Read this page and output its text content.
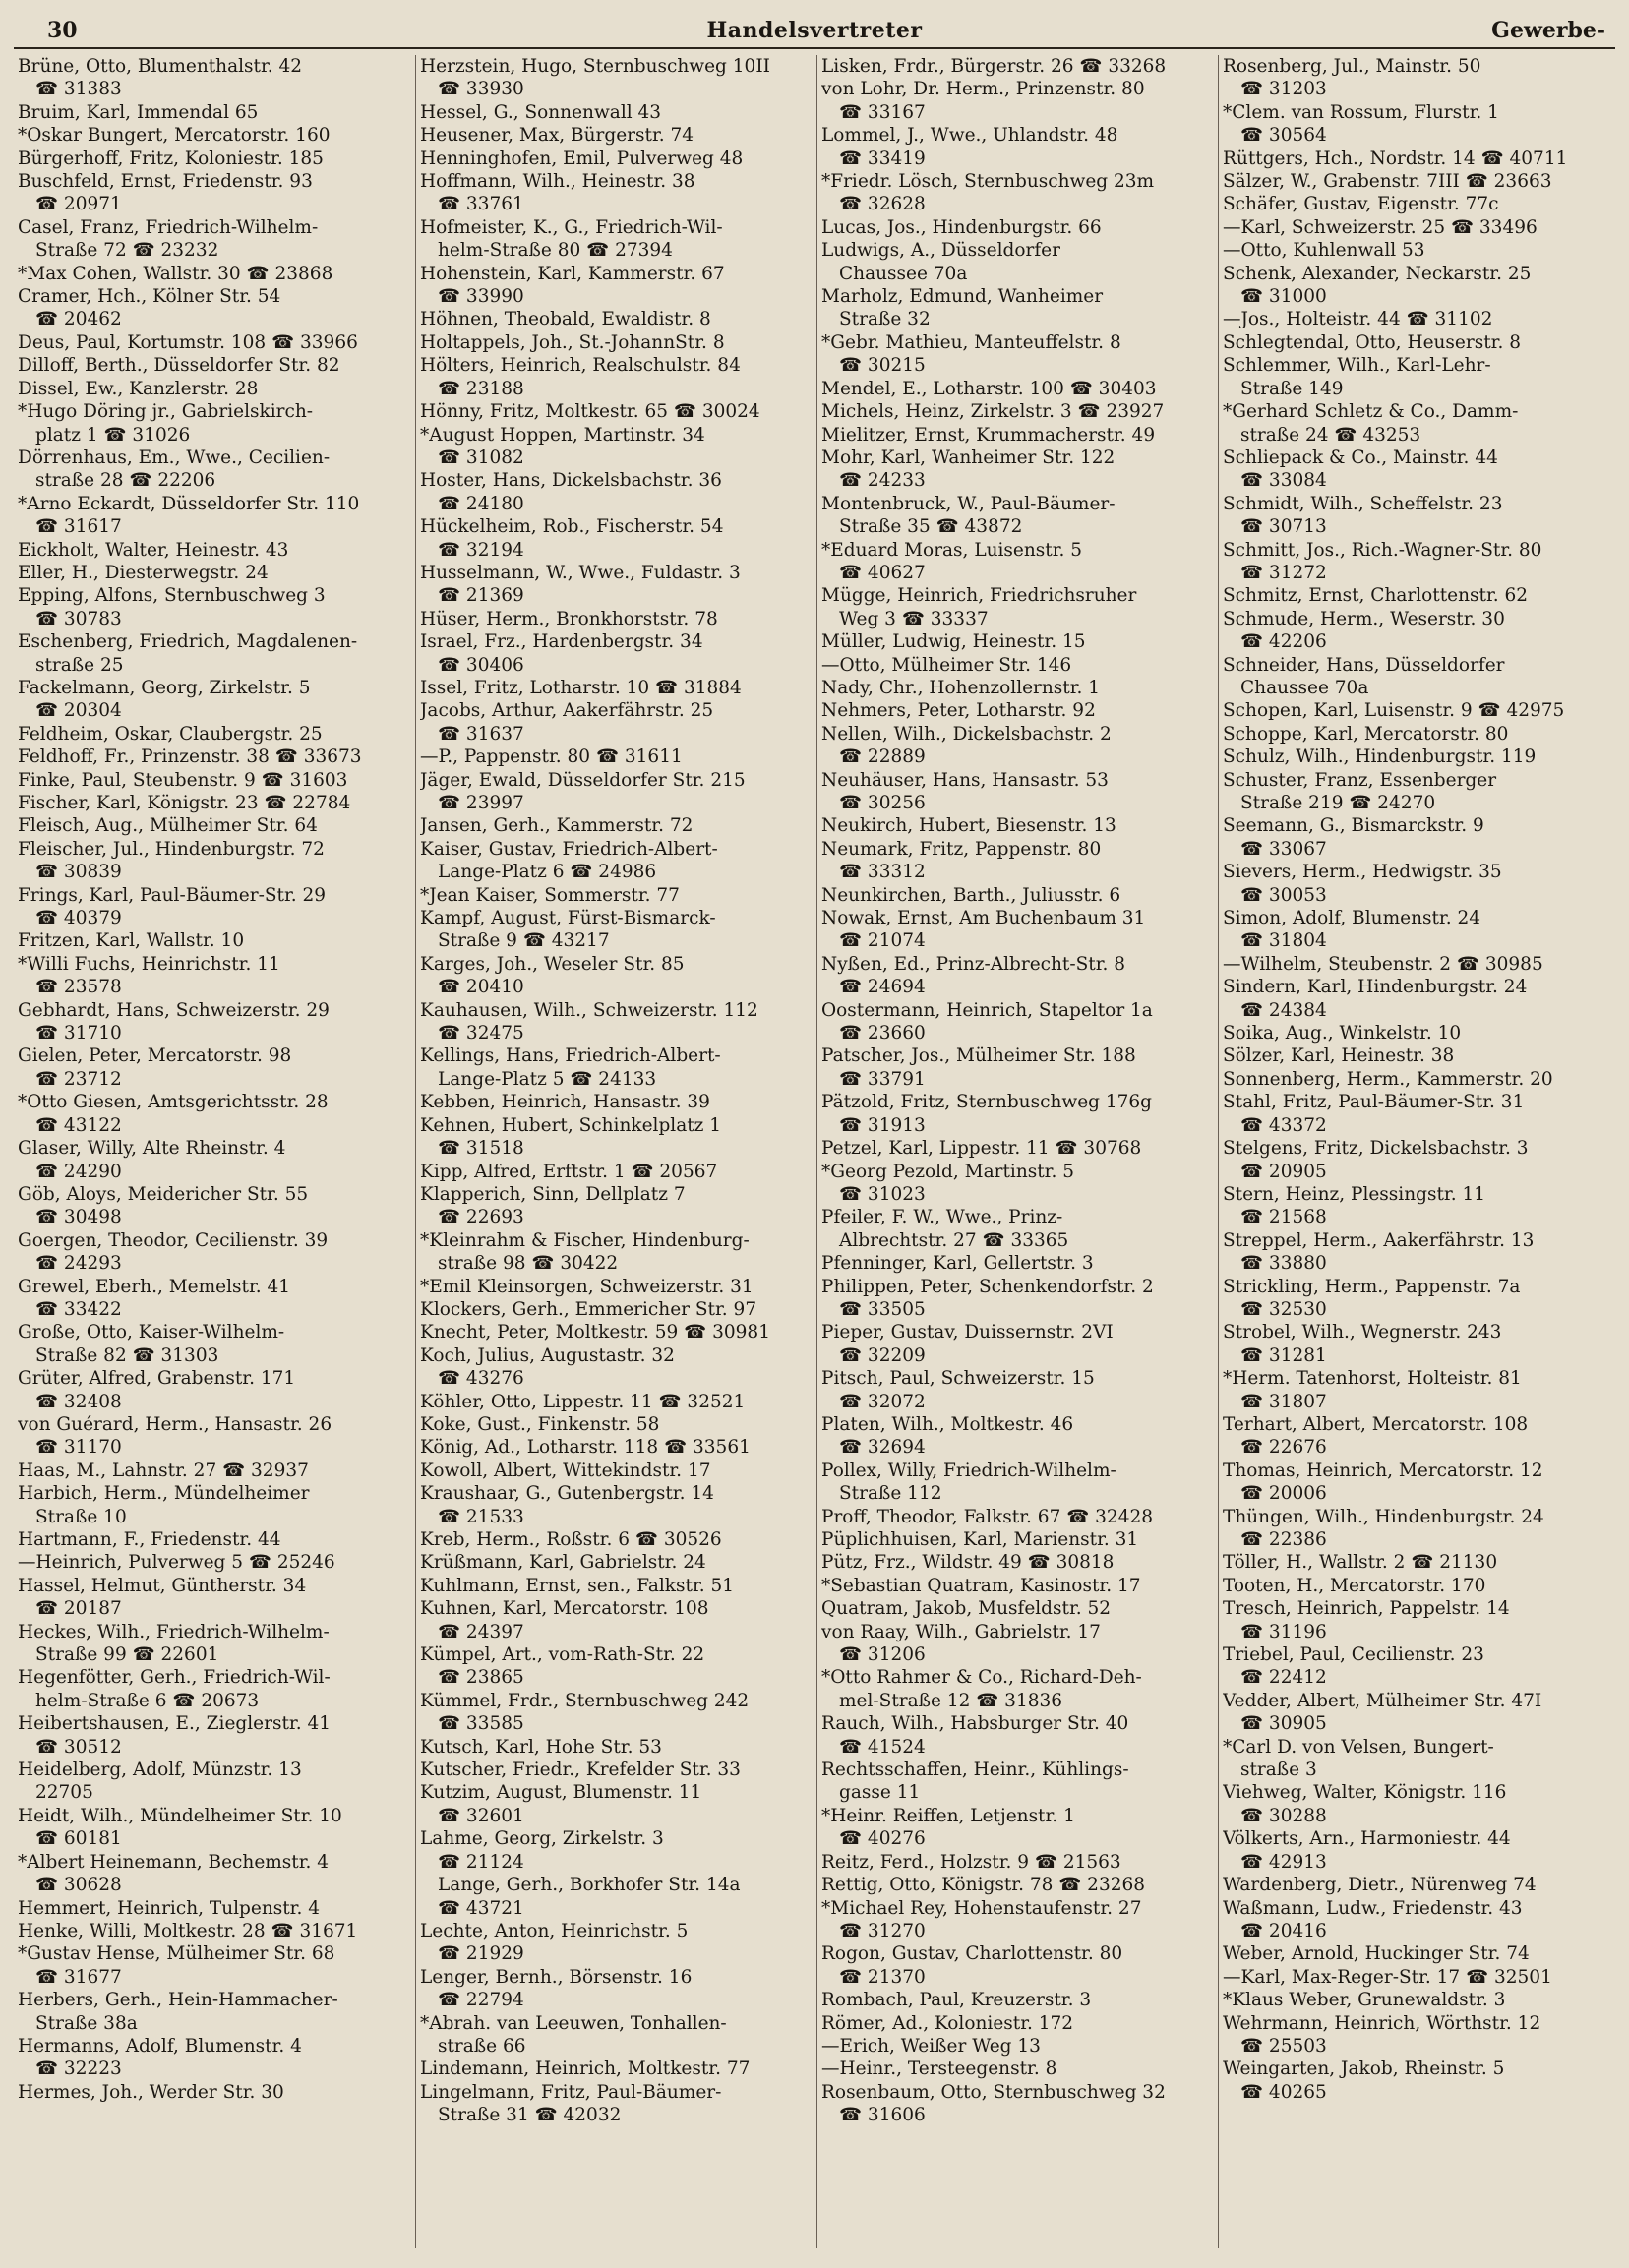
30	Handelsvertreter	Gewerbe-
Brüne, Otto, Blumenthalstr. 42
☎ 31383
Bruim, Karl, Immendal 65
*Oskar Bungert, Mercatorstr. 160
Bürgerhoff, Fritz, Koloniestr. 185
Buschfeld, Ernst, Friedenstr. 93
☎ 20971
Casel, Franz, Friedrich-Wilhelm-
Straße 72 ☎ 23232
*Max Cohen, Wallstr. 30 ☎ 23868
Cramer, Hch., Kölner Str. 54
☎ 20462
Deus, Paul, Kortumstr. 108 ☎ 33966
Dilloff, Berth., Düsseldorfer Str. 82
Dissel, Ew., Kanzlerstr. 28
*Hugo Döring jr., Gabrielskirch-
platz 1 ☎ 31026
Dörrenhaus, Em., Wwe., Cecilien-
straße 28 ☎ 22206
*Arno Eckardt, Düsseldorfer Str. 110
☎ 31617
Eickholt, Walter, Heinestr. 43
Eller, H., Diesterwegstr. 24
Epping, Alfons, Sternbuschweg 3
☎ 30783
Eschenberg, Friedrich, Magdalenen-
straße 25
Fackelmann, Georg, Zirkelstr. 5
☎ 20304
Feldheim, Oskar, Claubergstr. 25
Feldhoff, Fr., Prinzenstr. 38 ☎ 33673
Finke, Paul, Steubenstr. 9 ☎ 31603
Fischer, Karl, Königstr. 23 ☎ 22784
Fleisch, Aug., Mülheimer Str. 64
Fleischer, Jul., Hindenburgstr. 72
☎ 30839
Frings, Karl, Paul-Bäumer-Str. 29
☎ 40379
Fritzen, Karl, Wallstr. 10
*Willi Fuchs, Heinrichstr. 11
☎ 23578
Gebhardt, Hans, Schweizerstr. 29
☎ 31710
Gielen, Peter, Mercatorstr. 98
☎ 23712
*Otto Giesen, Amtsgerichtsstr. 28
☎ 43122
Glaser, Willy, Alte Rheinstr. 4
☎ 24290
Göb, Aloys, Meidericher Str. 55
☎ 30498
Goergen, Theodor, Cecilienstr. 39
☎ 24293
Grewel, Eberh., Memelstr. 41
☎ 33422
Große, Otto, Kaiser-Wilhelm-
Straße 82 ☎ 31303
Grüter, Alfred, Grabenstr. 171
☎ 32408
von Guérard, Herm., Hansastr. 26
☎ 31170
Haas, M., Lahnstr. 27 ☎ 32937
Harbich, Herm., Mündelheimer
Straße 10
Hartmann, F., Friedenstr. 44
—Heinrich, Pulverweg 5 ☎ 25246
Hassel, Helmut, Güntherstr. 34
☎ 20187
Heckes, Wilh., Friedrich-Wilhelm-
Straße 99 ☎ 22601
Hegenfötter, Gerh., Friedrich-Wil-
helm-Straße 6 ☎ 20673
Heibertshausen, E., Zieglerstr. 41
☎ 30512
Heidelberg, Adolf, Münzstr. 13
22705
Heidt, Wilh., Mündelheimer Str. 10
☎ 60181
*Albert Heinemann, Bechemstr. 4
☎ 30628
Hemmert, Heinrich, Tulpenstr. 4
Henke, Willi, Moltkestr. 28 ☎ 31671
*Gustav Hense, Mülheimer Str. 68
☎ 31677
Herbers, Gerh., Hein-Hammacher-
Straße 38a
Hermanns, Adolf, Blumenstr. 4
☎ 32223
Hermes, Joh., Werder Str. 30
Herzstein, Hugo, Sternbuschweg 10II
☎ 33930
Hessel, G., Sonnenwall 43
Heusener, Max, Bürgerstr. 74
Henninghofen, Emil, Pulverweg 48
Hoffmann, Wilh., Heinestr. 38
☎ 33761
Hofmeister, K., G., Friedrich-Wil-
helm-Straße 80 ☎ 27394
Hohenstein, Karl, Kammerstr. 67
☎ 33990
Höhnen, Theobald, Ewaldistr. 8
Holtappels, Joh., St.-JohannStr. 8
Hölters, Heinrich, Realschulstr. 84
☎ 23188
Hönny, Fritz, Moltkestr. 65 ☎ 30024
*August Hoppen, Martinstr. 34
☎ 31082
Hoster, Hans, Dickelsbachstr. 36
☎ 24180
Hückelheim, Rob., Fischerstr. 54
☎ 32194
Husselmann, W., Wwe., Fuldastr. 3
☎ 21369
Hüser, Herm., Bronkhorststr. 78
Israel, Frz., Hardenbergstr. 34
☎ 30406
Issel, Fritz, Lotharstr. 10 ☎ 31884
Jacobs, Arthur, Aakerfährstr. 25
☎ 31637
—P., Pappenstr. 80 ☎ 31611
Jäger, Ewald, Düsseldorfer Str. 215
☎ 23997
Jansen, Gerh., Kammerstr. 72
Kaiser, Gustav, Friedrich-Albert-
Lange-Platz 6 ☎ 24986
*Jean Kaiser, Sommerstr. 77
Kampf, August, Fürst-Bismarck-
Straße 9 ☎ 43217
Karges, Joh., Weseler Str. 85
☎ 20410
Kauhausen, Wilh., Schweizerstr. 112
☎ 32475
Kellings, Hans, Friedrich-Albert-
Lange-Platz 5 ☎ 24133
Kebben, Heinrich, Hansastr. 39
Kehnen, Hubert, Schinkelplatz 1
☎ 31518
Kipp, Alfred, Erftstr. 1 ☎ 20567
Klapperich, Sinn, Dellplatz 7
☎ 22693
*Kleinrahm & Fischer, Hindenburg-
straße 98 ☎ 30422
*Emil Kleinsorgen, Schweizerstr. 31
Klockers, Gerh., Emmericher Str. 97
Knecht, Peter, Moltkestr. 59 ☎ 30981
Koch, Julius, Augustastr. 32
☎ 43276
Köhler, Otto, Lippestr. 11 ☎ 32521
Koke, Gust., Finkenstr. 58
König, Ad., Lotharstr. 118 ☎ 33561
Kowoll, Albert, Wittekindstr. 17
Kraushaar, G., Gutenbergstr. 14
☎ 21533
Kreb, Herm., Roßstr. 6 ☎ 30526
Krüßmann, Karl, Gabrielstr. 24
Kuhlmann, Ernst, sen., Falkstr. 51
Kuhnen, Karl, Mercatorstr. 108
☎ 24397
Kümpel, Art., vom-Rath-Str. 22
☎ 23865
Kümmel, Frdr., Sternbuschweg 242
☎ 33585
Kutsch, Karl, Hohe Str. 53
Kutscher, Friedr., Krefelder Str. 33
Kutzim, August, Blumenstr. 11
☎ 32601
Lahme, Georg, Zirkelstr. 3
☎ 21124
Lange, Gerh., Borkhofer Str. 14a
☎ 43721
Lechte, Anton, Heinrichstr. 5
☎ 21929
Lenger, Bernh., Börsenstr. 16
☎ 22794
*Abrah. van Leeuwen, Tonhallen-
straße 66
Lindemann, Heinrich, Moltkestr. 77
Lingelmann, Fritz, Paul-Bäumer-
Straße 31 ☎ 42032
Lisken, Frdr., Bürgerstr. 26 ☎ 33268
von Lohr, Dr. Herm., Prinzenstr. 80
☎ 33167
Lommel, J., Wwe., Uhlandstr. 48
☎ 33419
*Friedr. Lösch, Sternbuschweg 23m
☎ 32628
Lucas, Jos., Hindenburgstr. 66
Ludwigs, A., Düsseldorfer
Chaussee 70a
Marholz, Edmund, Wanheimer
Straße 32
*Gebr. Mathieu, Manteuffelstr. 8
☎ 30215
Mendel, E., Lotharstr. 100 ☎ 30403
Michels, Heinz, Zirkelstr. 3 ☎ 23927
Mielitzer, Ernst, Krummacherstr. 49
Mohr, Karl, Wanheimer Str. 122
☎ 24233
Montenbruck, W., Paul-Bäumer-
Straße 35 ☎ 43872
*Eduard Moras, Luisenstr. 5
☎ 40627
Mügge, Heinrich, Friedrichsruher
Weg 3 ☎ 33337
Müller, Ludwig, Heinestr. 15
—Otto, Mülheimer Str. 146
Nady, Chr., Hohenzollernstr. 1
Nehmers, Peter, Lotharstr. 92
Nellen, Wilh., Dickelsbachstr. 2
☎ 22889
Neuhäuser, Hans, Hansastr. 53
☎ 30256
Neukirch, Hubert, Biesenstr. 13
Neumark, Fritz, Pappenstr. 80
☎ 33312
Neunkirchen, Barth., Juliusstr. 6
Nowak, Ernst, Am Buchenbaum 31
☎ 21074
Nyßen, Ed., Prinz-Albrecht-Str. 8
☎ 24694
Oostermann, Heinrich, Stapeltor 1a
☎ 23660
Patscher, Jos., Mülheimer Str. 188
☎ 33791
Pätzold, Fritz, Sternbuschweg 176g
☎ 31913
Petzel, Karl, Lippestr. 11 ☎ 30768
*Georg Pezold, Martinstr. 5
☎ 31023
Pfeiler, F. W., Wwe., Prinz-
Albrechtstr. 27 ☎ 33365
Pfenninger, Karl, Gellertstr. 3
Philippen, Peter, Schenkendorfstr. 2
☎ 33505
Pieper, Gustav, Duissernstr. 2VI
☎ 32209
Pitsch, Paul, Schweizerstr. 15
☎ 32072
Platen, Wilh., Moltkestr. 46
☎ 32694
Pollex, Willy, Friedrich-Wilhelm-
Straße 112
Proff, Theodor, Falkstr. 67 ☎ 32428
Püplichhuisen, Karl, Marienstr. 31
Pütz, Frz., Wildstr. 49 ☎ 30818
*Sebastian Quatram, Kasinostr. 17
Quatram, Jakob, Musfeldstr. 52
von Raay, Wilh., Gabrielstr. 17
☎ 31206
*Otto Rahmer & Co., Richard-Deh-
mel-Straße 12 ☎ 31836
Rauch, Wilh., Habsburger Str. 40
☎ 41524
Rechtsschaffen, Heinr., Kühlings-
gasse 11
*Heinr. Reiffen, Letjenstr. 1
☎ 40276
Reitz, Ferd., Holzstr. 9 ☎ 21563
Rettig, Otto, Königstr. 78 ☎ 23268
*Michael Rey, Hohenstaufenstr. 27
☎ 31270
Rogon, Gustav, Charlottenstr. 80
☎ 21370
Rombach, Paul, Kreuzerstr. 3
Römer, Ad., Koloniestr. 172
—Erich, Weißer Weg 13
—Heinr., Tersteegenstr. 8
Rosenbaum, Otto, Sternbuschweg 32
☎ 31606
Rosenberg, Jul., Mainstr. 50
☎ 31203
*Clem. van Rossum, Flurstr. 1
☎ 30564
Rüttgers, Hch., Nordstr. 14 ☎ 40711
Sälzer, W., Grabenstr. 7III ☎ 23663
Schäfer, Gustav, Eigenstr. 77c
—Karl, Schweizerstr. 25 ☎ 33496
—Otto, Kuhlenwall 53
Schenk, Alexander, Neckarstr. 25
☎ 31000
—Jos., Holteistr. 44 ☎ 31102
Schlegtendal, Otto, Heuserstr. 8
Schlemmer, Wilh., Karl-Lehr-
Straße 149
*Gerhard Schletz & Co., Damm-
straße 24 ☎ 43253
Schliepack & Co., Mainstr. 44
☎ 33084
Schmidt, Wilh., Scheffelstr. 23
☎ 30713
Schmitt, Jos., Rich.-Wagner-Str. 80
☎ 31272
Schmitz, Ernst, Charlottenstr. 62
Schmude, Herm., Weserstr. 30
☎ 42206
Schneider, Hans, Düsseldorfer
Chaussee 70a
Schopen, Karl, Luisenstr. 9 ☎ 42975
Schoppe, Karl, Mercatorstr. 80
Schulz, Wilh., Hindenburgstr. 119
Schuster, Franz, Essenberger
Straße 219 ☎ 24270
Seemann, G., Bismarckstr. 9
☎ 33067
Sievers, Herm., Hedwigstr. 35
☎ 30053
Simon, Adolf, Blumenstr. 24
☎ 31804
—Wilhelm, Steubenstr. 2 ☎ 30985
Sindern, Karl, Hindenburgstr. 24
☎ 24384
Soika, Aug., Winkelstr. 10
Sölzer, Karl, Heinestr. 38
Sonnenberg, Herm., Kammerstr. 20
Stahl, Fritz, Paul-Bäumer-Str. 31
☎ 43372
Stelgens, Fritz, Dickelsbachstr. 3
☎ 20905
Stern, Heinz, Plessingstr. 11
☎ 21568
Streppel, Herm., Aakerfährstr. 13
☎ 33880
Strickling, Herm., Pappenstr. 7a
☎ 32530
Strobel, Wilh., Wegnerstr. 243
☎ 31281
*Herm. Tatenhorst, Holteistr. 81
☎ 31807
Terhart, Albert, Mercatorstr. 108
☎ 22676
Thomas, Heinrich, Mercatorstr. 12
☎ 20006
Thüngen, Wilh., Hindenburgstr. 24
☎ 22386
Töller, H., Wallstr. 2 ☎ 21130
Tooten, H., Mercatorstr. 170
Tresch, Heinrich, Pappelstr. 14
☎ 31196
Triebel, Paul, Cecilienstr. 23
☎ 22412
Vedder, Albert, Mülheimer Str. 47I
☎ 30905
*Carl D. von Velsen, Bungert-
straße 3
Viehweg, Walter, Königstr. 116
☎ 30288
Völkerts, Arn., Harmoniestr. 44
☎ 42913
Wardenberg, Dietr., Nürenweg 74
Waßmann, Ludw., Friedenstr. 43
☎ 20416
Weber, Arnold, Huckinger Str. 74
—Karl, Max-Reger-Str. 17 ☎ 32501
*Klaus Weber, Grunewaldstr. 3
Wehrmann, Heinrich, Wörthstr. 12
☎ 25503
Weingarten, Jakob, Rheinstr. 5
☎ 40265
